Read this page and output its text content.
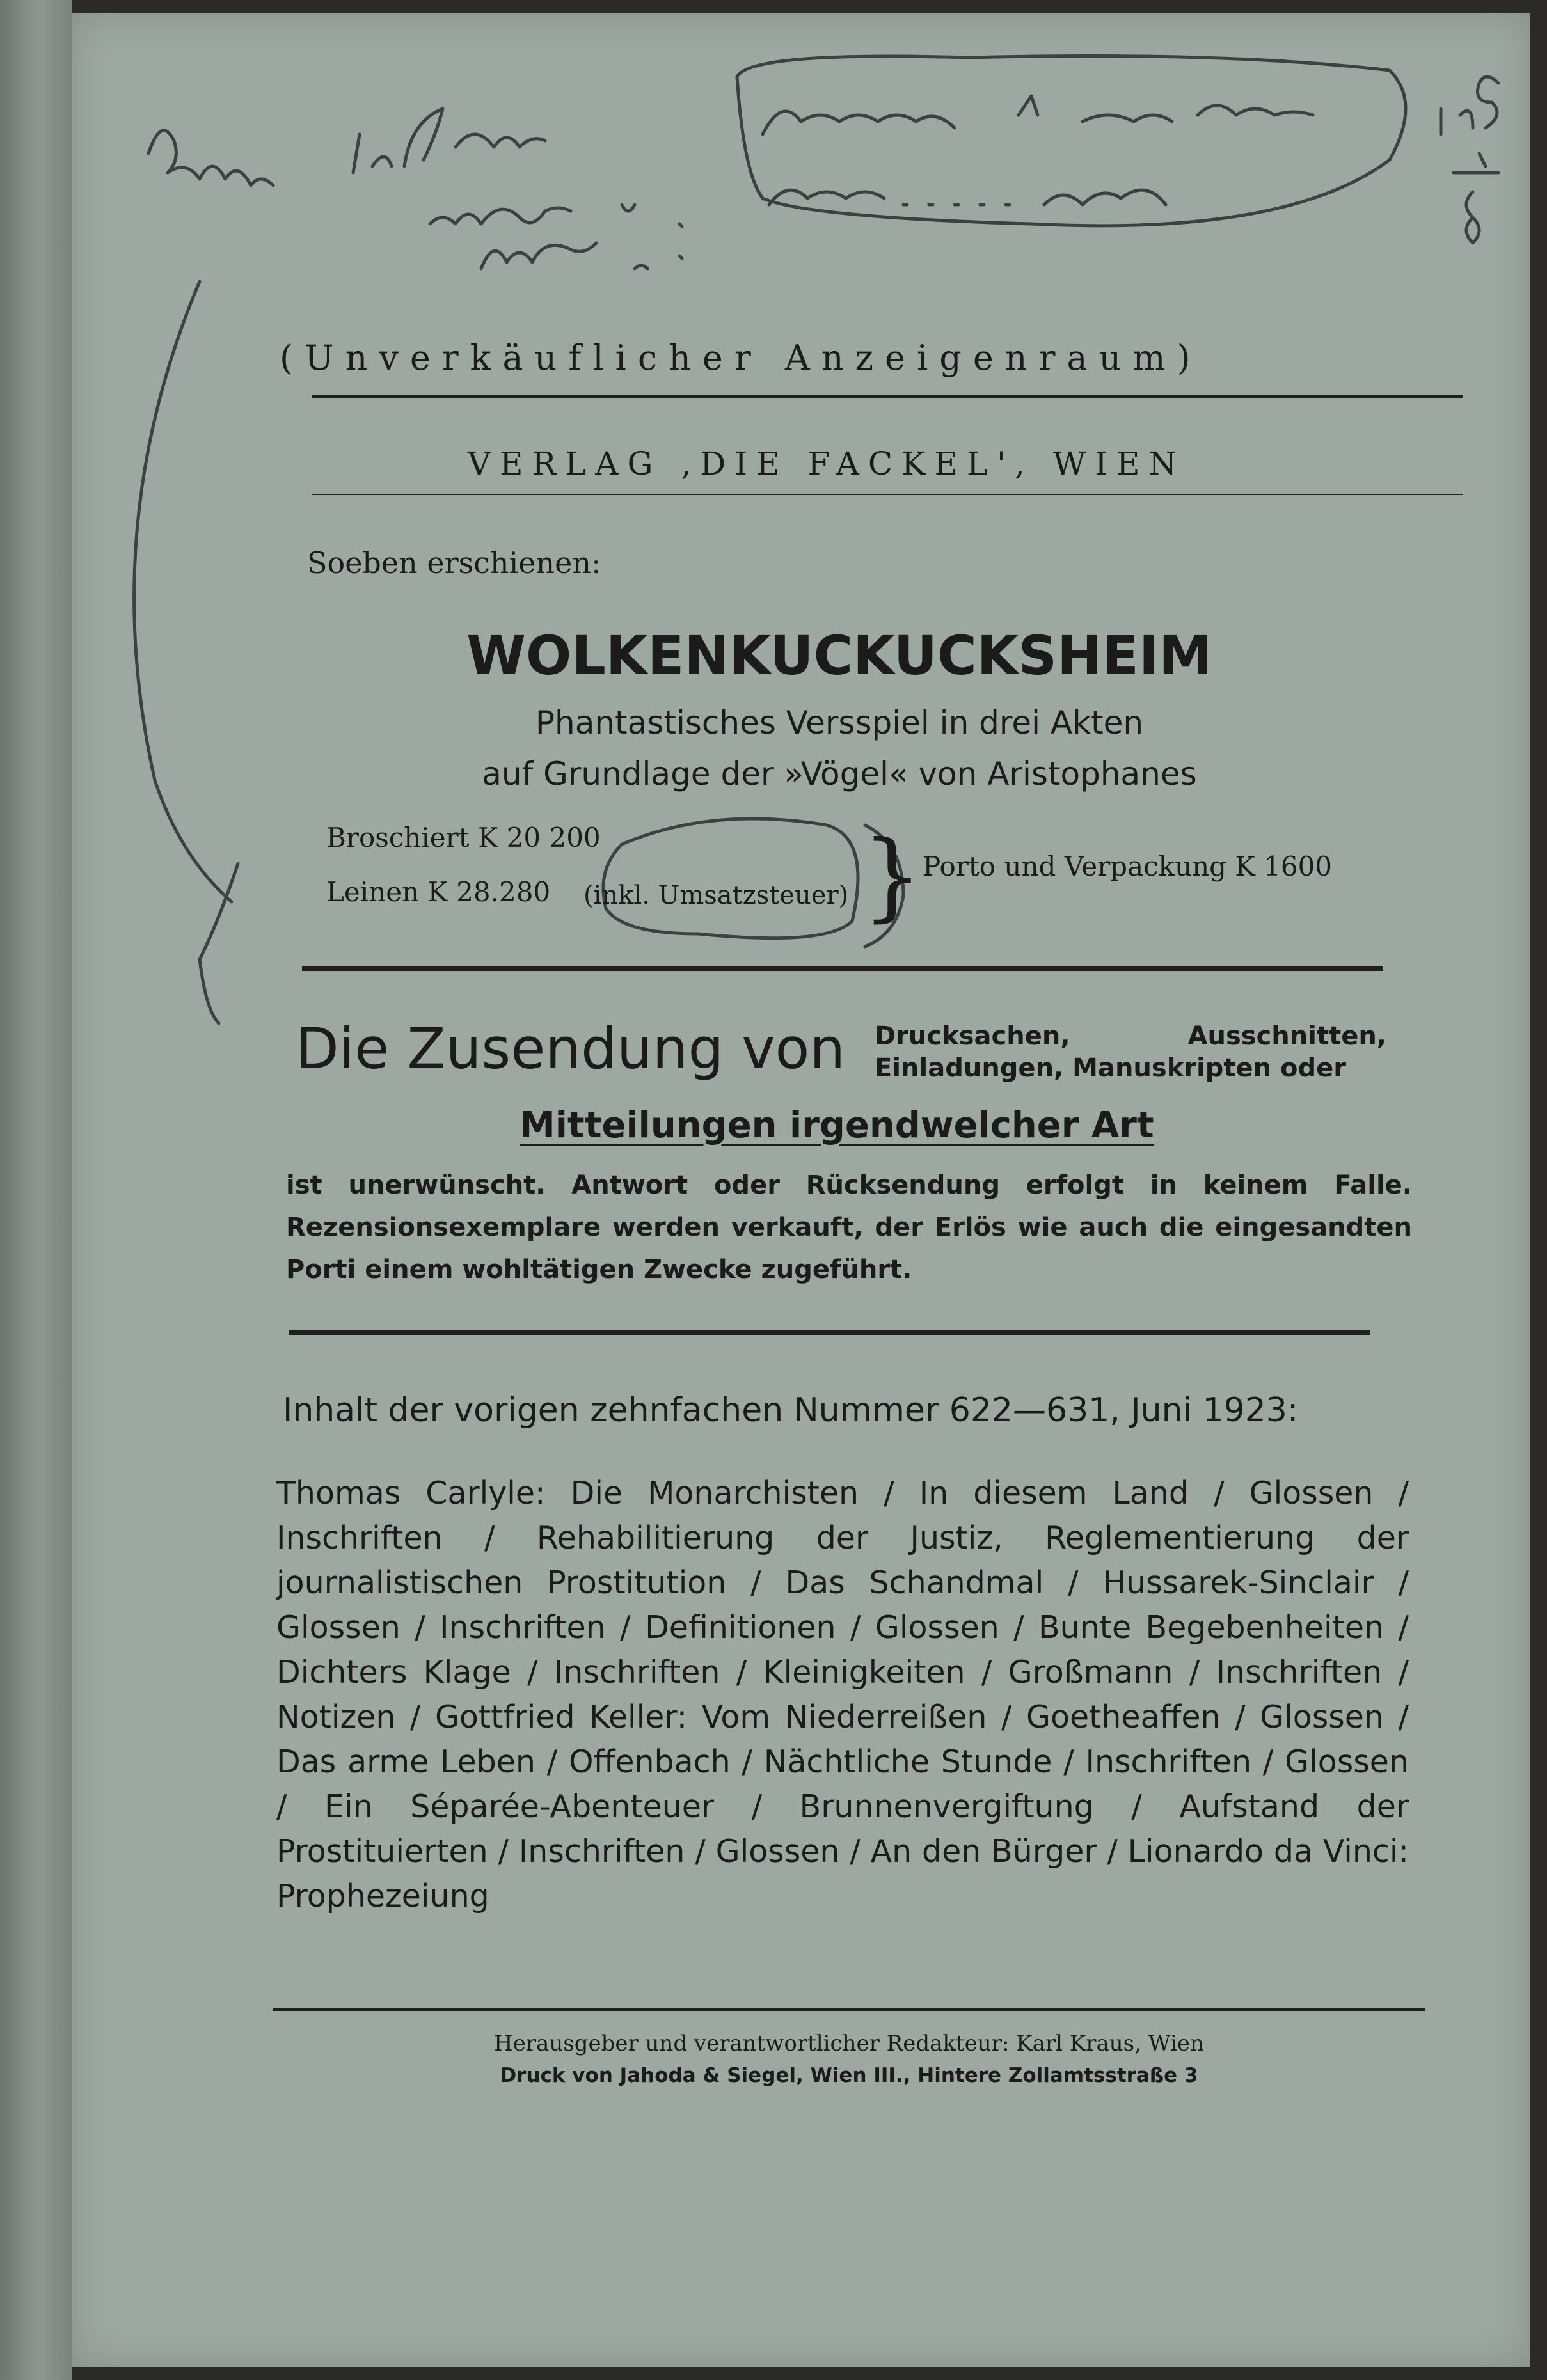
(Unverkäuflicher Anzeigenraum)
VERLAG ‚DIE FACKEL', WIEN
Soeben erschienen:
WOLKENKUCKUCKSHEIM
Phantastisches Versspiel in drei Akten
auf Grundlage der »Vögel« von Aristophanes
Broschiert K 20 200
Leinen K 28.280	(inkl. Umsatzsteuer) } Porto und Verpackung K 1600
Die Zusendung von	Drucksachen, Ausschnitten, Einladungen, Manuskripten oder
Mitteilungen irgendwelcher Art
ist unerwünscht. Antwort oder Rücksendung erfolgt in keinem Falle. Rezensionsexemplare werden verkauft, der Erlös wie auch die eingesandten Porti einem wohltätigen Zwecke zugeführt.
Inhalt der vorigen zehnfachen Nummer 622—631, Juni 1923:
Thomas Carlyle: Die Monarchisten / In diesem Land / Glossen / Inschriften / Rehabilitierung der Justiz, Reglementierung der journalistischen Prostitution / Das Schandmal / Hussarek-Sinclair / Glossen / Inschriften / Definitionen / Glossen / Bunte Begebenheiten / Dichters Klage / Inschriften / Kleinigkeiten / Großmann / Inschriften / Notizen / Gottfried Keller: Vom Niederreißen / Goetheaffen / Glossen / Das arme Leben / Offenbach / Nächtliche Stunde / Inschriften / Glossen / Ein Séparée-Abenteuer / Brunnenvergiftung / Aufstand der Prostituierten / Inschriften / Glossen / An den Bürger / Lionardo da Vinci: Prophezeiung
Herausgeber und verantwortlicher Redakteur: Karl Kraus, Wien
Druck von Jahoda & Siegel, Wien III., Hintere Zollamtsstraße 3
